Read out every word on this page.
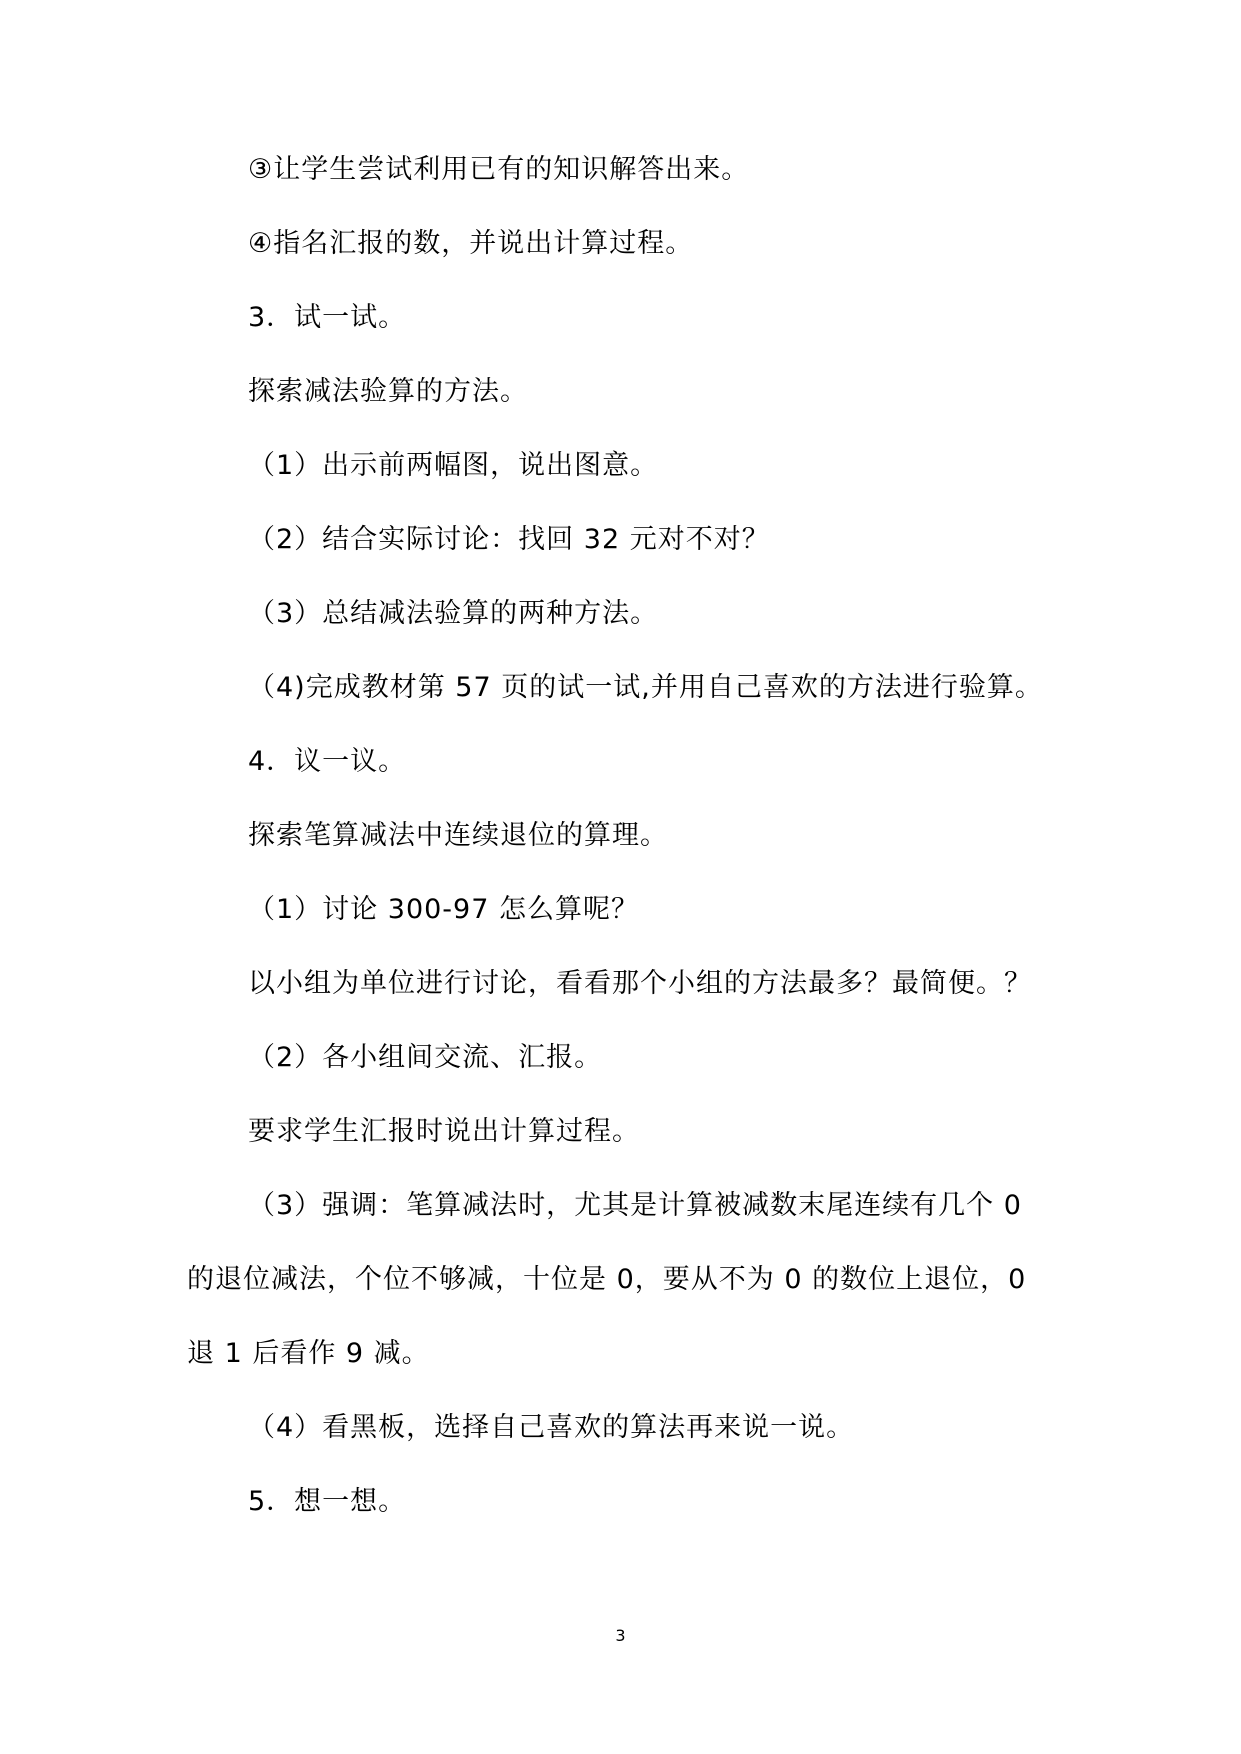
③让学生尝试利用已有的知识解答出来。
④指名汇报的数，并说出计算过程。
3．试一试。
探索减法验算的方法。
（1）出示前两幅图，说出图意。
（2）结合实际讨论：找回 32 元对不对？
（3）总结减法验算的两种方法。
（4)完成教材第 57 页的试一试,并用自己喜欢的方法进行验算。
4．议一议。
探索笔算减法中连续退位的算理。
（1）讨论 300-97 怎么算呢？
以小组为单位进行讨论，看看那个小组的方法最多？最简便。？
（2）各小组间交流、汇报。
要求学生汇报时说出计算过程。
（3）强调：笔算减法时，尤其是计算被减数末尾连续有几个 0
的退位减法，个位不够减，十位是 0，要从不为 0 的数位上退位，0
退 1 后看作 9 减。
（4）看黑板，选择自己喜欢的算法再来说一说。
5．想一想。
3
